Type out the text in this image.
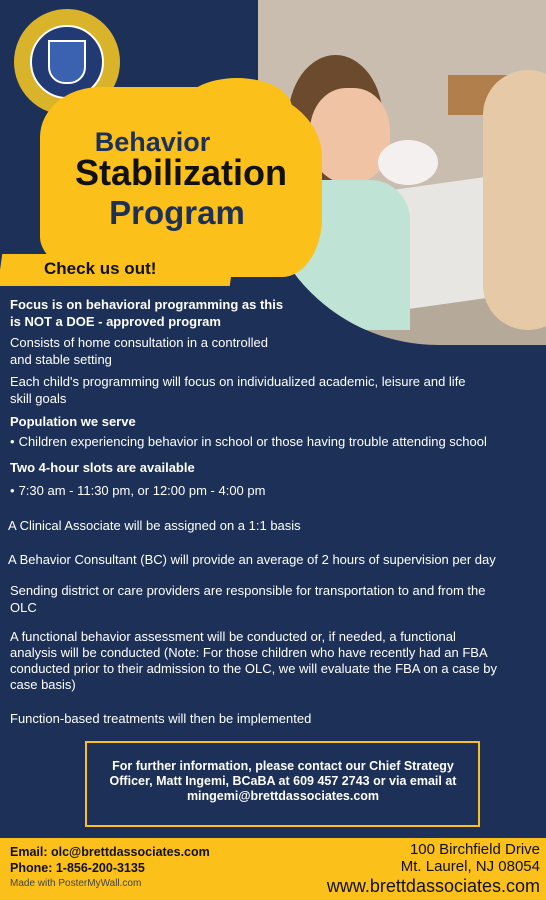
Behavior
Stabilization
Program
Check us out!
Focus is on behavioral programming as this
is NOT a DOE - approved program
Consists of home consultation in a controlled
and stable setting
Each child's programming will focus on individualized academic, leisure and life
skill goals
Population we serve
• Children experiencing behavior in school or those having trouble attending school
Two 4-hour slots are available
• 7:30 am - 11:30 pm, or 12:00 pm - 4:00 pm
A Clinical Associate will be assigned on a 1:1 basis
A Behavior Consultant (BC) will provide an average of 2 hours of supervision per day
Sending district or care providers are responsible for transportation to and from the
OLC
A functional behavior assessment will be conducted or, if needed, a functional
analysis will be conducted (Note: For those children who have recently had an FBA
conducted prior to their admission to the OLC, we will evaluate the FBA on a case by
case basis)
Function-based treatments will then be implemented
For further information, please contact our Chief Strategy
Officer, Matt Ingemi, BCaBA at 609 457 2743 or via email at
mingemi@brettdassociates.com
Email: olc@brettdassociates.com
Phone: 1-856-200-3135
Made with PosterMyWall.com
100 Birchfield Drive
Mt. Laurel, NJ 08054
www.brettdassociates.com
